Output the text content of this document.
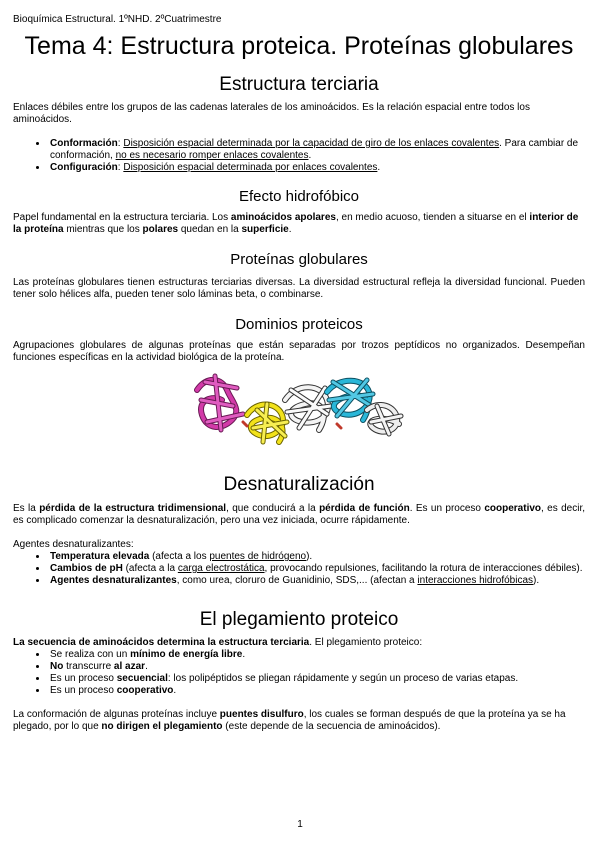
Bioquímica Estructural. 1ºNHD. 2ºCuatrimestre

Tema 4: Estructura proteica. Proteínas globulares
Estructura terciaria

Enlaces débiles entre los grupos de las cadenas laterales de los aminoácidos. Es la relación espacial entre todos los aminoácidos.

• Conformación: Disposición espacial determinada por la capacidad de giro de los enlaces covalentes. Para cambiar de conformación, no es necesario romper enlaces covalentes.
• Configuración: Disposición espacial determinada por enlaces covalentes.
Efecto hidrofóbico

Papel fundamental en la estructura terciaria. Los aminoácidos apolares, en medio acuoso, tienden a situarse en el interior de la proteína mientras que los polares quedan en la superficie.

Proteínas globulares

Las proteínas globulares tienen estructuras terciarias diversas. La diversidad estructural refleja la diversidad funcional. Pueden tener solo hélices alfa, pueden tener solo láminas beta, o combinarse.

Dominios proteicos

Agrupaciones globulares de algunas proteínas que están separadas por trozos peptídicos no organizados. Desempeñan funciones específicas en la actividad biológica de la proteína.

Desnaturalización

Es la pérdida de la estructura tridimensional, que conducirá a la pérdida de función. Es un proceso cooperativo, es decir, es complicado comenzar la desnaturalización, pero una vez iniciada, ocurre rápidamente.

Agentes desnaturalizantes:

• Temperatura elevada (afecta a los puentes de hidrógeno).
• Cambios de pH (afecta a la carga electrostática, provocando repulsiones, facilitando la rotura de interacciones débiles).
• Agentes desnaturalizantes, como urea, cloruro de Guanidinio, SDS,... (afectan a interacciones hidrofóbicas).
El plegamiento proteico

La secuencia de aminoácidos determina la estructura terciaria. El plegamiento proteico:

• Se realiza con un mínimo de energía libre.
• No transcurre al azar.
• Es un proceso secuencial: los polipéptidos se pliegan rápidamente y según un proceso de varias etapas.
• Es un proceso cooperativo.

La conformación de algunas proteínas incluye puentes disulfuro, los cuales se forman después de que la proteína ya se ha plegado, por lo que no dirigen el plegamiento (este depende de la secuencia de aminoácidos).

1
